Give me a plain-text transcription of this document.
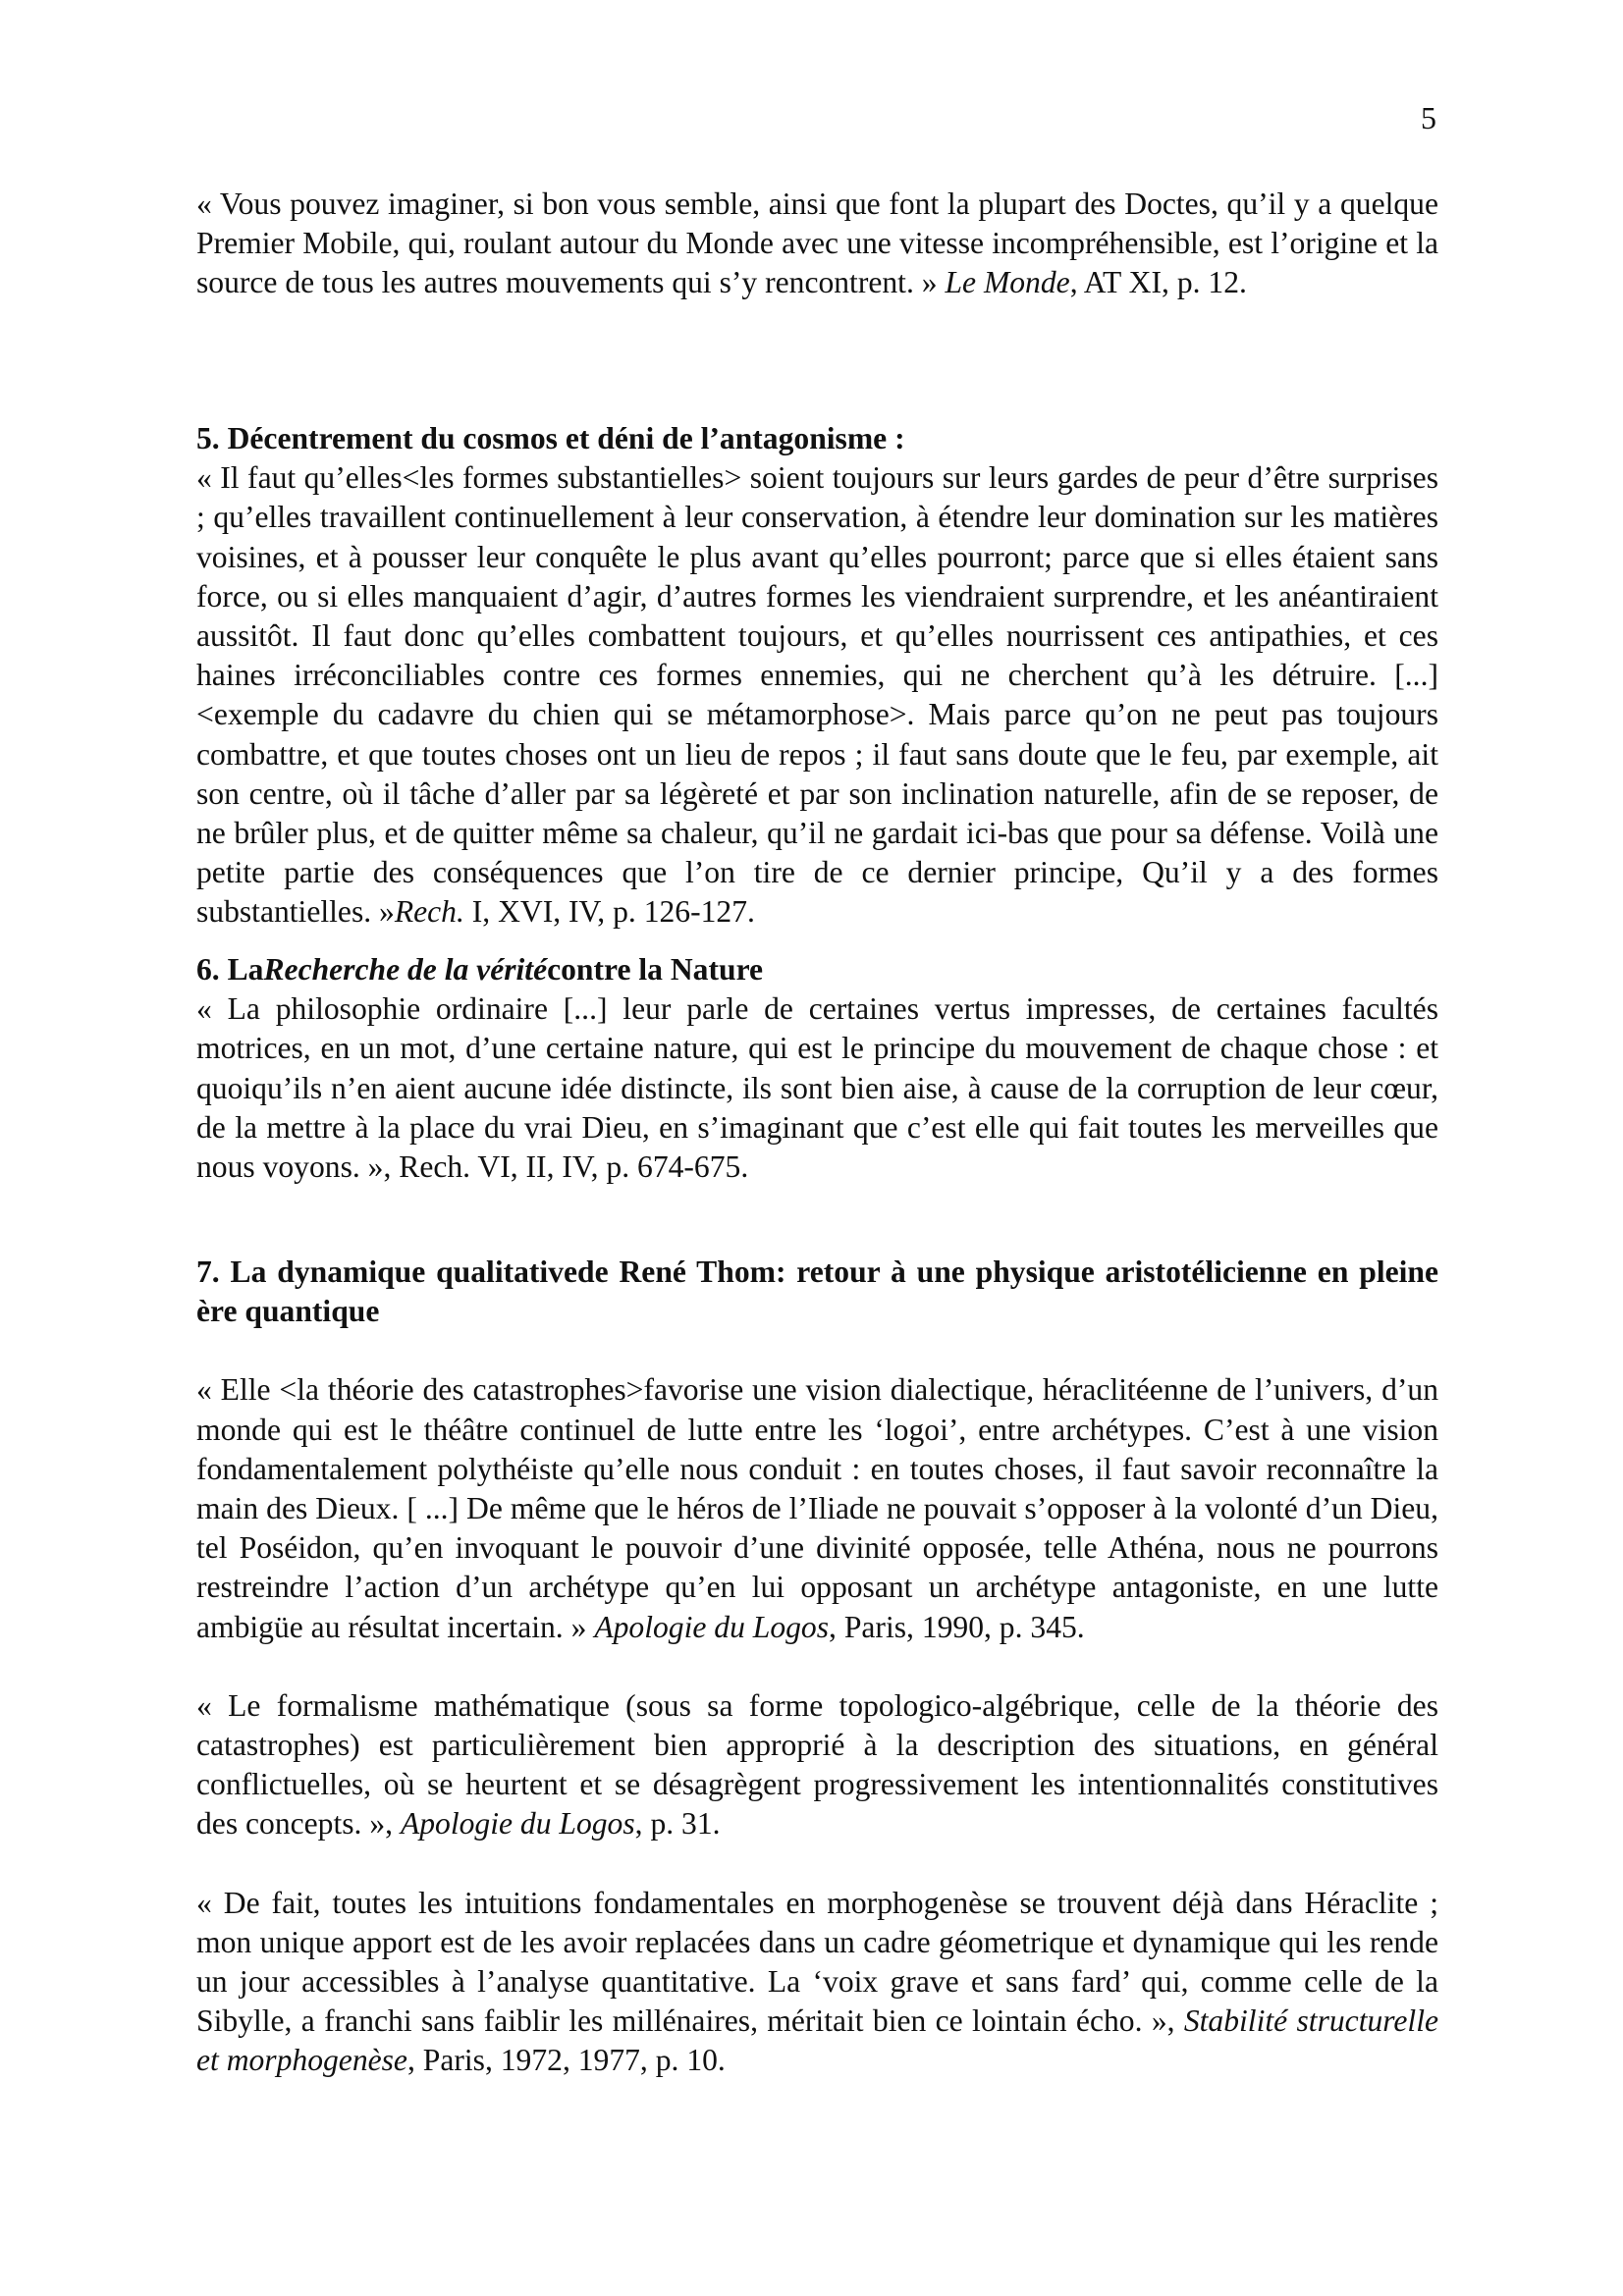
5

« Vous pouvez imaginer, si bon vous semble, ainsi que font la plupart des Doctes, qu’il y a quelque Premier Mobile, qui, roulant autour du Monde avec une vitesse incompréhensible, est l’origine et la source de tous les autres mouvements qui s’y rencontrent. » Le Monde, AT XI, p. 12.

5. Décentrement du cosmos et déni de l’antagonisme :

« Il faut qu’elles<les formes substantielles> soient toujours sur leurs gardes de peur d’être surprises ; qu’elles travaillent continuellement à leur conservation, à étendre leur domination sur les matières voisines, et à pousser leur conquête le plus avant qu’elles pourront; parce que si elles étaient sans force, ou si elles manquaient d’agir, d’autres formes les viendraient surprendre, et les anéantiraient aussitôt. Il faut donc qu’elles combattent toujours, et qu’elles nourrissent ces antipathies, et ces haines irréconciliables contre ces formes ennemies, qui ne cherchent qu’à les détruire. [...] <exemple du cadavre du chien qui se métamorphose>. Mais parce qu’on ne peut pas toujours combattre, et que toutes choses ont un lieu de repos ; il faut sans doute que le feu, par exemple, ait son centre, où il tâche d’aller par sa légèreté et par son inclination naturelle, afin de se reposer, de ne brûler plus, et de quitter même sa chaleur, qu’il ne gardait ici-bas que pour sa défense. Voilà une petite partie des conséquences que l’on tire de ce dernier principe, Qu’il y a des formes substantielles. »Rech. I, XVI, IV, p. 126-127.

6. LaRecherche de la véritécontre la Nature

« La philosophie ordinaire [...] leur parle de certaines vertus impresses, de certaines facultés motrices, en un mot, d’une certaine nature, qui est le principe du mouvement de chaque chose : et quoiqu’ils n’en aient aucune idée distincte, ils sont bien aise, à cause de la corruption de leur cœur, de la mettre à la place du vrai Dieu, en s’imaginant que c’est elle qui fait toutes les merveilles que nous voyons. », Rech. VI, II, IV, p. 674-675.

7. La dynamique qualitativede René Thom: retour à une physique aristotélicienne en pleine ère quantique

« Elle <la théorie des catastrophes>favorise une vision dialectique, héraclitéenne de l’univers, d’un monde qui est le théâtre continuel de lutte entre les ‘logoi’, entre archétypes. C’est à une vision fondamentalement polythéiste qu’elle nous conduit : en toutes choses, il faut savoir reconnaître la main des Dieux. [ ...] De même que le héros de l’Iliade ne pouvait s’opposer à la volonté d’un Dieu, tel Poséidon, qu’en invoquant le pouvoir d’une divinité opposée, telle Athéna, nous ne pourrons restreindre l’action d’un archétype qu’en lui opposant un archétype antagoniste, en une lutte ambigüe au résultat incertain. » Apologie du Logos, Paris, 1990, p. 345.

« Le formalisme mathématique (sous sa forme topologico-algébrique, celle de la théorie des catastrophes) est particulièrement bien approprié à la description des situations, en général conflictuelles, où se heurtent et se désagrègent progressivement les intentionnalités constitutives des concepts. », Apologie du Logos, p. 31.

« De fait, toutes les intuitions fondamentales en morphogenèse se trouvent déjà dans Héraclite ; mon unique apport est de les avoir replacées dans un cadre géometrique et dynamique qui les rende un jour accessibles à l’analyse quantitative. La ‘voix grave et sans fard’ qui, comme celle de la Sibylle, a franchi sans faiblir les millénaires, méritait bien ce lointain écho. », Stabilité structurelle et morphogenèse, Paris, 1972, 1977, p. 10.
